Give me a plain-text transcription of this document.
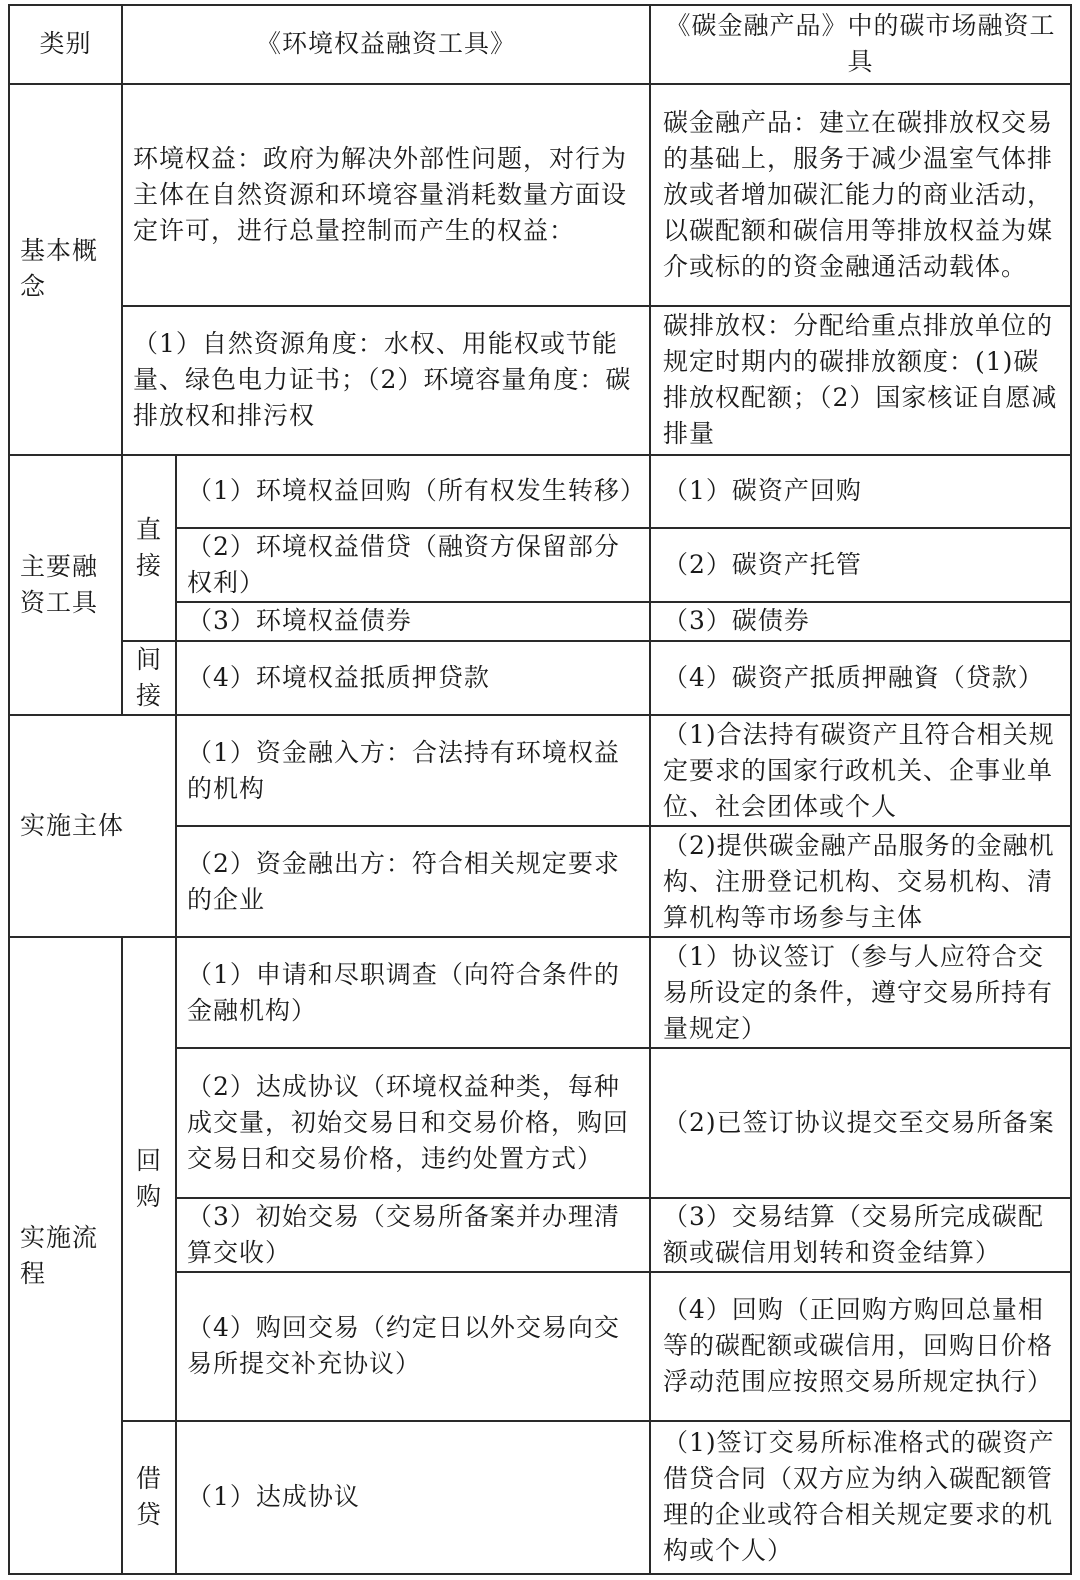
类别	《环境权益融资工具》		《碳金融产品》中的碳市场融资工具
基本概念	环境权益：政府为解决外部性问题，对行为主体在自然资源和环境容量消耗数量方面设定许可，进行总量控制而产生的权益：		碳金融产品：建立在碳排放权交易的基础上，服务于减少温室气体排放或者增加碳汇能力的商业活动，以碳配额和碳信用等排放权益为媒介或标的的资金融通活动载体。
	（1）自然资源角度：水权、用能权或节能量、绿色电力证书；（2）环境容量角度：碳排放权和排污权		碳排放权：分配给重点排放单位的规定时期内的碳排放额度：(1)碳排放权配额；（2）国家核证自愿减排量
主要融资工具	直接	（1）环境权益回购（所有权发生转移）	（1）碳资产回购
		（2）环境权益借贷（融资方保留部分权利）	（2）碳资产托管
		（3）环境权益债券	（3）碳债券
	间接	（4）环境权益抵质押贷款	（4）碳资产抵质押融資（贷款）
实施主体		（1）资金融入方：合法持有环境权益的机构	（1)合法持有碳资产且符合相关规定要求的国家行政机关、企事业单位、社会团体或个人
		（2）资金融出方：符合相关规定要求的企业	（2)提供碳金融产品服务的金融机构、注册登记机构、交易机构、清算机构等市场参与主体
实施流程	回购	（1）申请和尽职调查（向符合条件的金融机构）	（1）协议签订（参与人应符合交易所设定的条件，遵守交易所持有量规定）
		（2）达成协议（环境权益种类，每种成交量，初始交易日和交易价格，购回交易日和交易价格，违约处置方式）	（2)已签订协议提交至交易所备案
		（3）初始交易（交易所备案并办理清算交收）	（3）交易结算（交易所完成碳配额或碳信用划转和资金结算）
		（4）购回交易（约定日以外交易向交易所提交补充协议）	（4）回购（正回购方购回总量相等的碳配额或碳信用，回购日价格浮动范围应按照交易所规定执行）
	借贷	（1）达成协议	（1)签订交易所标准格式的碳资产借贷合同（双方应为纳入碳配额管理的企业或符合相关规定要求的机构或个人）
